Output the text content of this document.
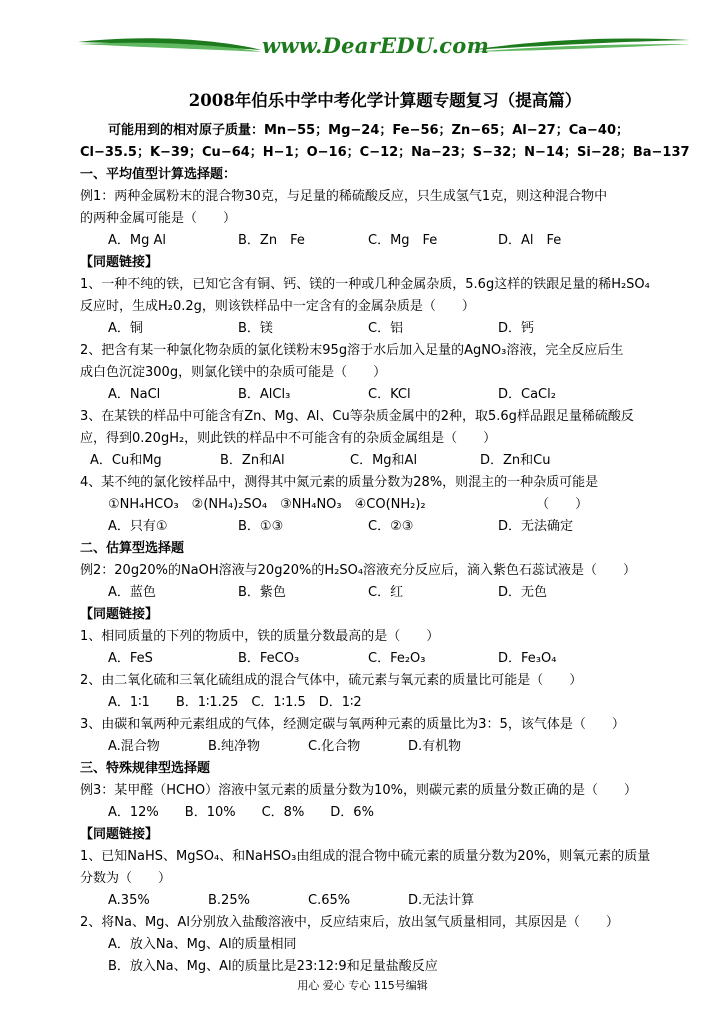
www.DearEDU.com
2008年伯乐中学中考化学计算题专题复习（提高篇）
可能用到的相对原子质量：Mn−55；Mg−24；Fe−56；Zn−65；Al−27；Ca−40；
Cl−35.5；K−39；Cu−64；H−1；O−16；C−12；Na−23；S−32；N−14；Si−28；Ba−137
一、平均值型计算选择题：
例1：两种金属粉末的混合物30克，与足量的稀硫酸反应，只生成氢气1克，则这种混合物中
的两种金属可能是（　　）
A．Mg Al	B．Zn　Fe	C．Mg　Fe	D．Al　Fe
【同题链接】
1、一种不纯的铁，已知它含有铜、钙、镁的一种或几种金属杂质，5.6g这样的铁跟足量的稀H₂SO₄
反应时，生成H₂0.2g，则该铁样品中一定含有的金属杂质是（　　）
A．铜	B．镁	C．铝	D．钙
2、把含有某一种氯化物杂质的氯化镁粉末95g溶于水后加入足量的AgNO₃溶液，完全反应后生
成白色沉淀300g，则氯化镁中的杂质可能是（　　）
A．NaCl	B．AlCl₃	C．KCl	D．CaCl₂
3、在某铁的样品中可能含有Zn、Mg、Al、Cu等杂质金属中的2种，取5.6g样品跟足量稀硫酸反
应，得到0.20gH₂，则此铁的样品中不可能含有的杂质金属组是（　　）
A．Cu和Mg	B．Zn和Al	C．Mg和Al	D．Zn和Cu
4、某不纯的氯化铵样品中，测得其中氮元素的质量分数为28%，则混主的一种杂质可能是
①NH₄HCO₃　②(NH₄)₂SO₄　③NH₄NO₃　④CO(NH₂)₂　　　　　　　　　（　　）
A．只有①	B．①③	C．②③	D．无法确定
二、估算型选择题
例2：20g20%的NaOH溶液与20g20%的H₂SO₄溶液充分反应后，滴入紫色石蕊试液是（　　）
A．蓝色	B．紫色	C．红	D．无色
【同题链接】
1、相同质量的下列的物质中，铁的质量分数最高的是（　　）
A．FeS	B．FeCO₃	C．Fe₂O₃	D．Fe₃O₄
2、由二氧化硫和三氧化硫组成的混合气体中，硫元素与氧元素的质量比可能是（　　）
A．1∶1　　B．1∶1.25　C．1∶1.5　D．1∶2
3、由碳和氧两种元素组成的气体，经测定碳与氧两种元素的质量比为3：5，该气体是（　　）
A.混合物	B.纯净物	C.化合物	D.有机物
三、特殊规律型选择题
例3：某甲醛（HCHO）溶液中氢元素的质量分数为10%，则碳元素的质量分数正确的是（　　）
A．12%　　B．10%　　C．8%　　D．6%
【同题链接】
1、已知NaHS、MgSO₄、和NaHSO₃由组成的混合物中硫元素的质量分数为20%，则氧元素的质量
分数为（　　）
A.35%	B.25%	C.65%	D.无法计算
2、将Na、Mg、Al分别放入盐酸溶液中，反应结束后，放出氢气质量相同，其原因是（　　）
A．放入Na、Mg、Al的质量相同
B．放入Na、Mg、Al的质量比是23:12:9和足量盐酸反应
用心 爱心 专心 115号编辑
